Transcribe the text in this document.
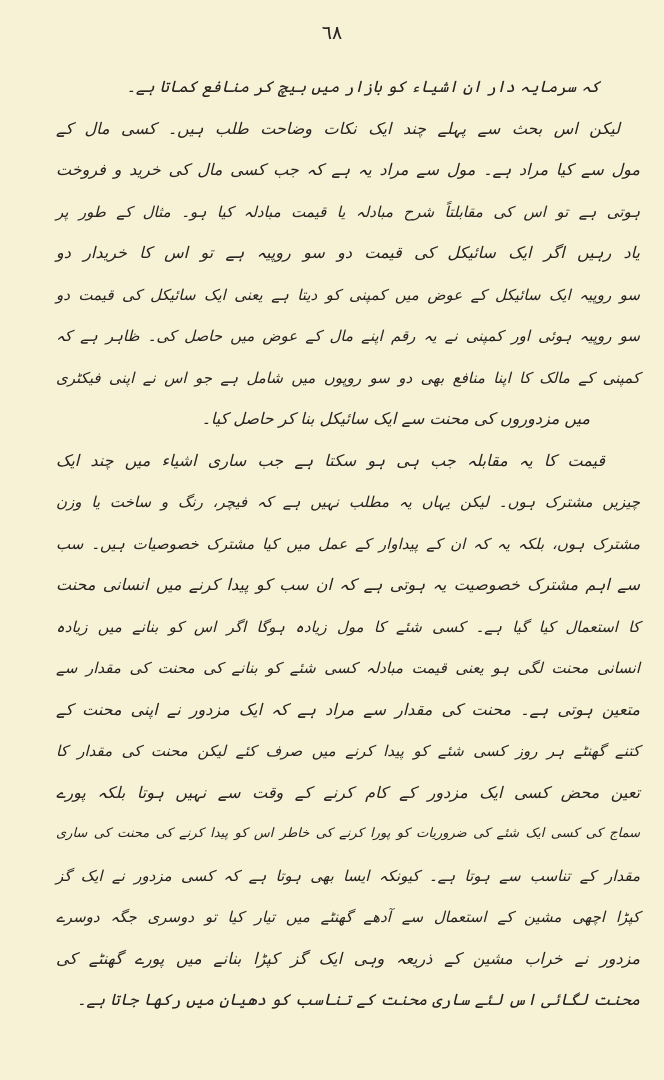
٦٨
کہ سرمایہ دار ان اشیاء کو بازار میں بیچ کر منافع کماتا ہے۔
لیکن اس بحث سے پہلے چند ایک نکات وضاحت طلب ہیں۔ کسی مال کے
مول سے کیا مراد ہے۔ مول سے مراد یہ ہے کہ جب کسی مال کی خرید و فروخت
ہوتی ہے تو اس کی مقابلتاً شرح مبادلہ یا قیمت مبادلہ کیا ہو۔ مثال کے طور پر
یاد رہیں اگر ایک سائیکل کی قیمت دو سو روپیہ ہے تو اس کا خریدار دو
سو روپیہ ایک سائیکل کے عوض میں کمپنی کو دیتا ہے یعنی ایک سائیکل کی قیمت دو
سو روپیہ ہوئی اور کمپنی نے یہ رقم اپنے مال کے عوض میں حاصل کی۔ ظاہر ہے کہ
کمپنی کے مالک کا اپنا منافع بھی دو سو روپوں میں شامل ہے جو اس نے اپنی فیکٹری
میں مزدوروں کی محنت سے ایک سائیکل بنا کر حاصل کیا۔
قیمت کا یہ مقابلہ جب ہی ہو سکتا ہے جب ساری اشیاء میں چند ایک
چیزیں مشترک ہوں۔ لیکن یہاں یہ مطلب نہیں ہے کہ فیچر، رنگ و ساخت یا وزن
مشترک ہوں، بلکہ یہ کہ ان کے پیداوار کے عمل میں کیا مشترک خصوصیات ہیں۔ سب
سے اہم مشترک خصوصیت یہ ہوتی ہے کہ ان سب کو پیدا کرنے میں انسانی محنت
کا استعمال کیا گیا ہے۔ کسی شئے کا مول زیادہ ہوگا اگر اس کو بنانے میں زیادہ
انسانی محنت لگی ہو یعنی قیمت مبادلہ کسی شئے کو بنانے کی محنت کی مقدار سے
متعین ہوتی ہے۔ محنت کی مقدار سے مراد ہے کہ ایک مزدور نے اپنی محنت کے
کتنے گھنٹے ہر روز کسی شئے کو پیدا کرنے میں صرف کئے لیکن محنت کی مقدار کا
تعین محض کسی ایک مزدور کے کام کرنے کے وقت سے نہیں ہوتا بلکہ پورے
سماج کی کسی ایک شئے کی ضروریات کو پورا کرنے کی خاطر اس کو پیدا کرنے کی محنت کی ساری
مقدار کے تناسب سے ہوتا ہے۔ کیونکہ ایسا بھی ہوتا ہے کہ کسی مزدور نے ایک گز
کپڑا اچھی مشین کے استعمال سے آدھے گھنٹے میں تیار کیا تو دوسری جگہ دوسرے
مزدور نے خراب مشین کے ذریعہ وہی ایک گز کپڑا بنانے میں پورے گھنٹے کی
محنت لگائی اس لئے ساری محنت کے تناسب کو دھیان میں رکھا جاتا ہے۔
